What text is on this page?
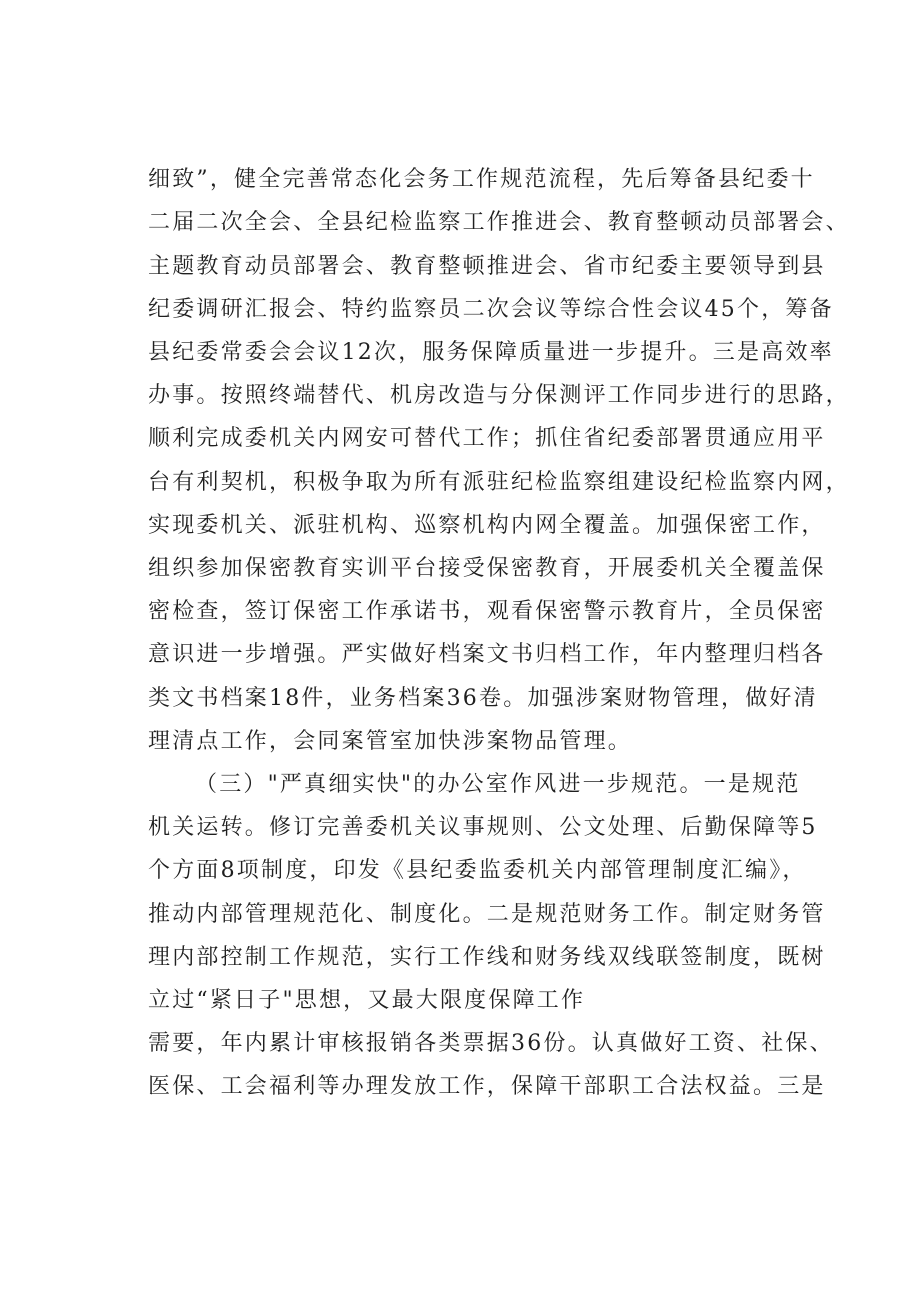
细致”，健全完善常态化会务工作规范流程，先后筹备县纪委十
二届二次全会、全县纪检监察工作推进会、教育整顿动员部署会、
主题教育动员部署会、教育整顿推进会、省市纪委主要领导到县
纪委调研汇报会、特约监察员二次会议等综合性会议45个，筹备
县纪委常委会会议12次，服务保障质量进一步提升。三是高效率
办事。按照终端替代、机房改造与分保测评工作同步进行的思路，
顺利完成委机关内网安可替代工作；抓住省纪委部署贯通应用平
台有利契机，积极争取为所有派驻纪检监察组建设纪检监察内网，
实现委机关、派驻机构、巡察机构内网全覆盖。加强保密工作，
组织参加保密教育实训平台接受保密教育，开展委机关全覆盖保
密检查，签订保密工作承诺书，观看保密警示教育片，全员保密
意识进一步增强。严实做好档案文书归档工作，年内整理归档各
类文书档案18件，业务档案36卷。加强涉案财物管理，做好清
理清点工作，会同案管室加快涉案物品管理。
（三）"严真细实快"的办公室作风进一步规范。一是规范
机关运转。修订完善委机关议事规则、公文处理、后勤保障等5
个方面8项制度，印发《县纪委监委机关内部管理制度汇编》，
推动内部管理规范化、制度化。二是规范财务工作。制定财务管
理内部控制工作规范，实行工作线和财务线双线联签制度，既树
立过“紧日子"思想，又最大限度保障工作
需要，年内累计审核报销各类票据36份。认真做好工资、社保、
医保、工会福利等办理发放工作，保障干部职工合法权益。三是
